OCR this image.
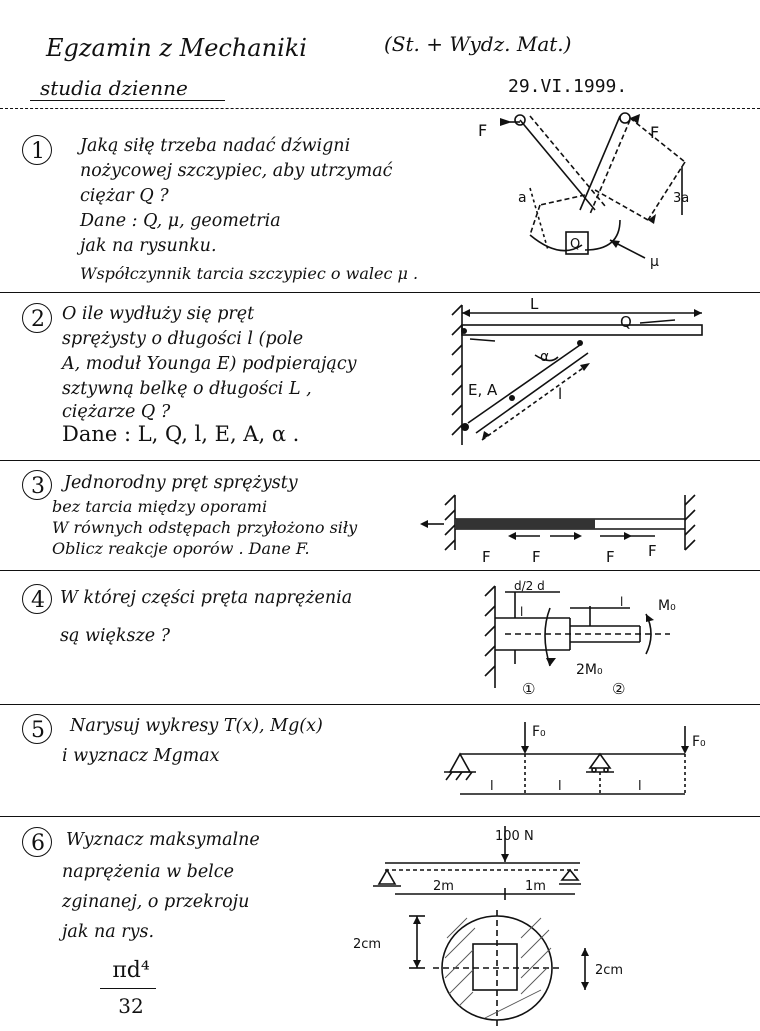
Egzamin z Mechaniki	(St. + Wydz. Mat.)
studia dzienne	29.VI.1999.
1 Jaką siłę trzeba nadać dźwigni
nożycowej szczypiec, aby utrzymać
ciężar Q ?
Dane : Q, μ, geometria
jak na rysunku.
Współczynnik tarcia szczypiec o walec μ .
F	F
a
Q
3a
μ
2 O ile wydłuży się pręt
sprężysty o długości l (pole
A, moduł Younga E) podpierający
sztywną belkę o długości L ,
ciężarze Q ?
Dane : L, Q, l, E, A, α .
L
Q
E, A
α
l
3 Jednorodny pręt sprężysty
bez tarcia między oporami
W równych odstępach przyłożono siły
Oblicz reakcje oporów . Dane F.	F	F	F F
4 W której części pręta naprężenia
są większe ?
d/2 d
l
l M₀
2M₀
①	②
5 Narysuj wykresy T(x), Mg(x)
i wyznacz Mgmax
F₀
F₀
l	l	l
6 Wyznacz maksymalne
naprężenia w belce
zginanej, o przekroju
jak na rys.
πd⁴
32
100 N
2m	1m
2cm
2cm
